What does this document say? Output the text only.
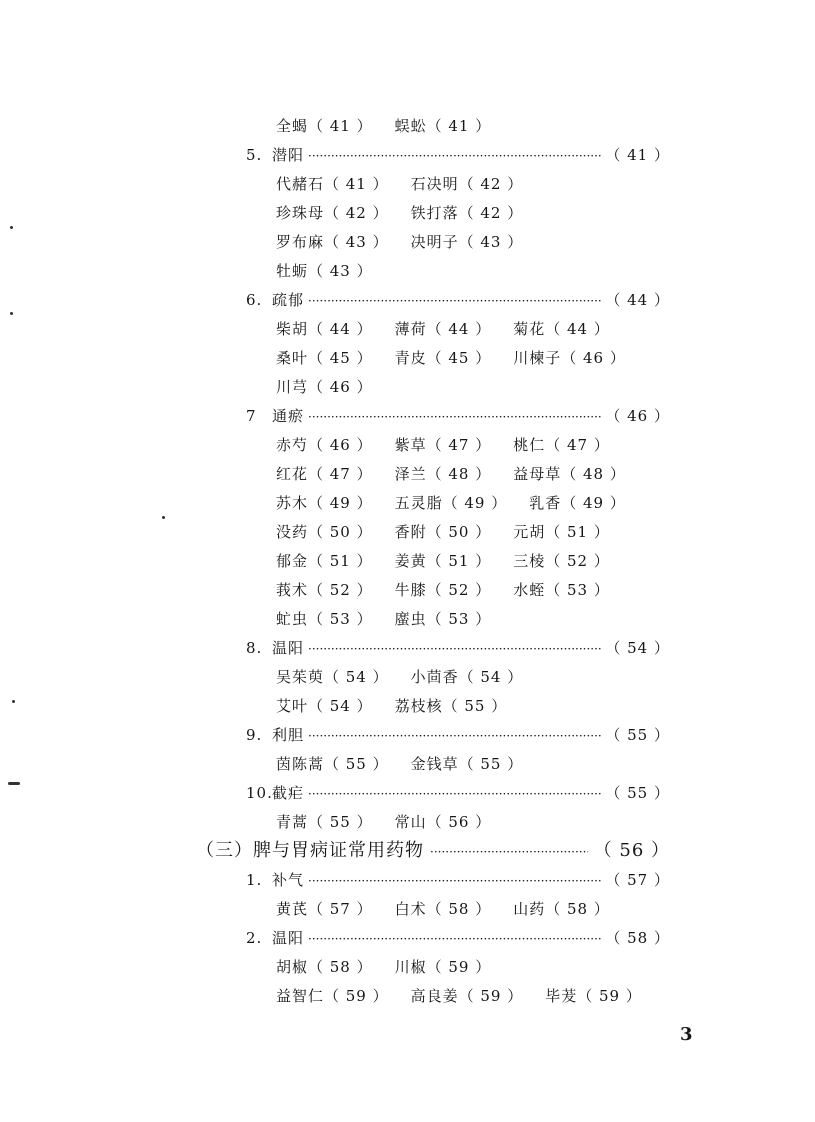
全蝎（ 41 ） 蜈蚣（ 41 ）
5. 潜阳 ·····	（ 41 ）
代赭石（ 41 ） 石决明（ 42 ）
珍珠母（ 42 ） 铁打落（ 42 ）
罗布麻（ 43 ） 决明子（ 43 ）
牡蛎（ 43 ）
6. 疏郁 ·····	（ 44 ）
柴胡（ 44 ） 薄荷（ 44 ） 菊花（ 44 ）
桑叶（ 45 ） 青皮（ 45 ） 川楝子（ 46 ）
川芎（ 46 ）
7	通瘀 ·····	（ 46 ）
赤芍（ 46 ） 紫草（ 47 ） 桃仁（ 47 ）
红花（ 47 ） 泽兰（ 48 ） 益母草（ 48 ）
苏木（ 49 ） 五灵脂（ 49 ） 乳香（ 49 ）
没药（ 50 ） 香附（ 50 ） 元胡（ 51 ）
郁金（ 51 ） 姜黄（ 51 ） 三棱（ 52 ）
莪术（ 52 ） 牛膝（ 52 ） 水蛭（ 53 ）
虻虫（ 53 ） 䗪虫（ 53 ）
8. 温阳 ·····	（ 54 ）
吴茱萸（ 54 ） 小茴香（ 54 ）
艾叶（ 54 ） 荔枝核（ 55 ）
9. 利胆 ·····	（ 55 ）
茵陈蒿（ 55 ） 金钱草（ 55 ）
10. 截疟 ·····	（ 55 ）
青蒿（ 55 ） 常山（ 56 ）
（三） 脾与胃病证常用药物 ·····	（ 56 ）
1. 补气 ·····	（ 57 ）
黄芪（ 57 ） 白术（ 58 ） 山药（ 58 ）
2. 温阳 ·····	（ 58 ）
胡椒（ 58 ） 川椒（ 59 ）
益智仁（ 59 ） 高良姜（ 59 ） 毕茇（ 59 ）
3
